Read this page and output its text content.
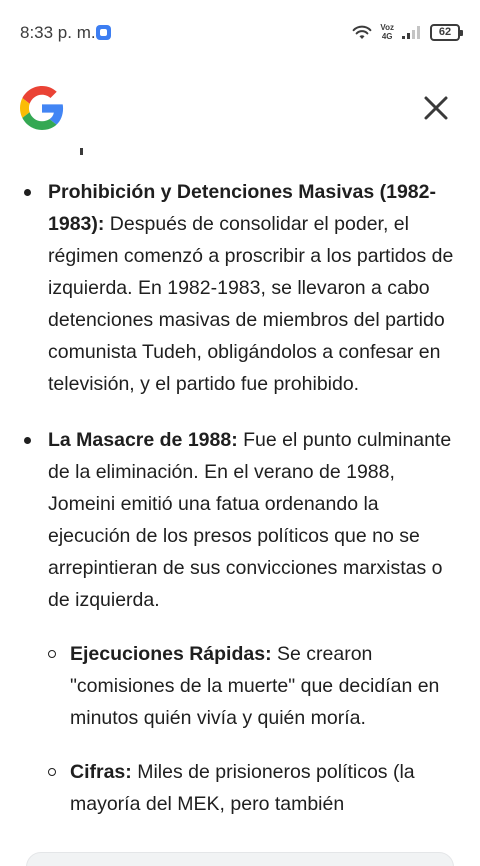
8:33 p. m.	Voz
4G	62
Prohibición y Detenciones Masivas (1982-1983): Después de consolidar el poder, el régimen comenzó a proscribir a los partidos de izquierda. En 1982-1983, se llevaron a cabo detenciones masivas de miembros del partido comunista Tudeh, obligándolos a confesar en televisión, y el partido fue prohibido.
La Masacre de 1988: Fue el punto culminante de la eliminación. En el verano de 1988, Jomeini emitió una fatua ordenando la ejecución de los presos políticos que no se arrepintieran de sus convicciones marxistas o de izquierda.
Ejecuciones Rápidas: Se crearon "comisiones de la muerte" que decidían en minutos quién vivía y quién moría.
Cifras: Miles de prisioneros políticos (la mayoría del MEK, pero también
